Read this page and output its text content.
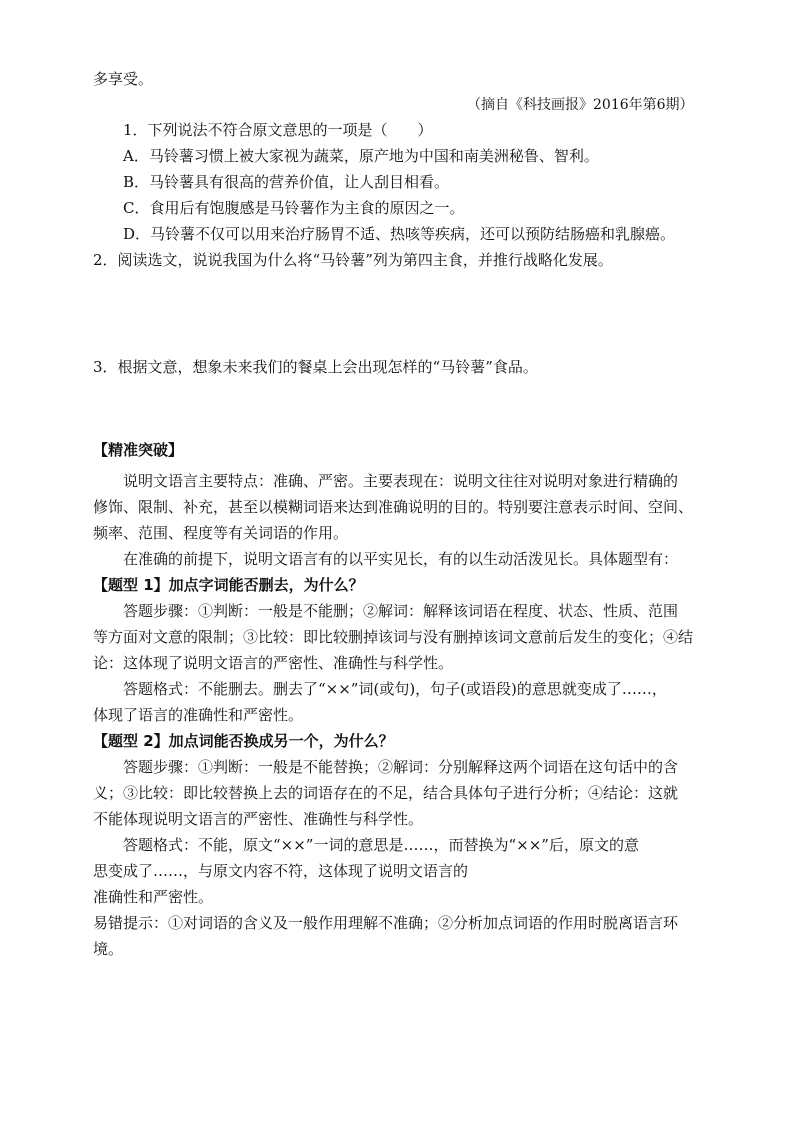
多享受。
（摘自《科技画报》2016年第6期）
1．下列说法不符合原文意思的一项是（ ）
A．马铃薯习惯上被大家视为蔬菜，原产地为中国和南美洲秘鲁、智利。
B．马铃薯具有很高的营养价值，让人刮目相看。
C．食用后有饱腹感是马铃薯作为主食的原因之一。
D．马铃薯不仅可以用来治疗肠胃不适、热咳等疾病，还可以预防结肠癌和乳腺癌。
2．阅读选文，说说我国为什么将“马铃薯”列为第四主食，并推行战略化发展。
3．根据文意，想象未来我们的餐桌上会出现怎样的“马铃薯”食品。
【精准突破】
说明文语言主要特点：准确、严密。主要表现在：说明文往往对说明对象进行精确的
修饰、限制、补充，甚至以模糊词语来达到准确说明的目的。特别要注意表示时间、空间、
频率、范围、程度等有关词语的作用。
在准确的前提下，说明文语言有的以平实见长，有的以生动活泼见长。具体题型有：
【题型 1】加点字词能否删去，为什么？
答题步骤：①判断：一般是不能删；②解词：解释该词语在程度、状态、性质、范围
等方面对文意的限制；③比较：即比较删掉该词与没有删掉该词文意前后发生的变化；④结
论：这体现了说明文语言的严密性、准确性与科学性。
答题格式：不能删去。删去了“××”词(或句)，句子(或语段)的意思就变成了……，
体现了语言的准确性和严密性。
【题型 2】加点词能否换成另一个，为什么？
答题步骤：①判断：一般是不能替换；②解词：分别解释这两个词语在这句话中的含
义；③比较：即比较替换上去的词语存在的不足，结合具体句子进行分析；④结论：这就
不能体现说明文语言的严密性、准确性与科学性。
答题格式：不能，原文“××”一词的意思是……，而替换为“××”后，原文的意
思变成了……，与原文内容不符，这体现了说明文语言的
准确性和严密性。
易错提示：①对词语的含义及一般作用理解不准确；②分析加点词语的作用时脱离语言环
境。
